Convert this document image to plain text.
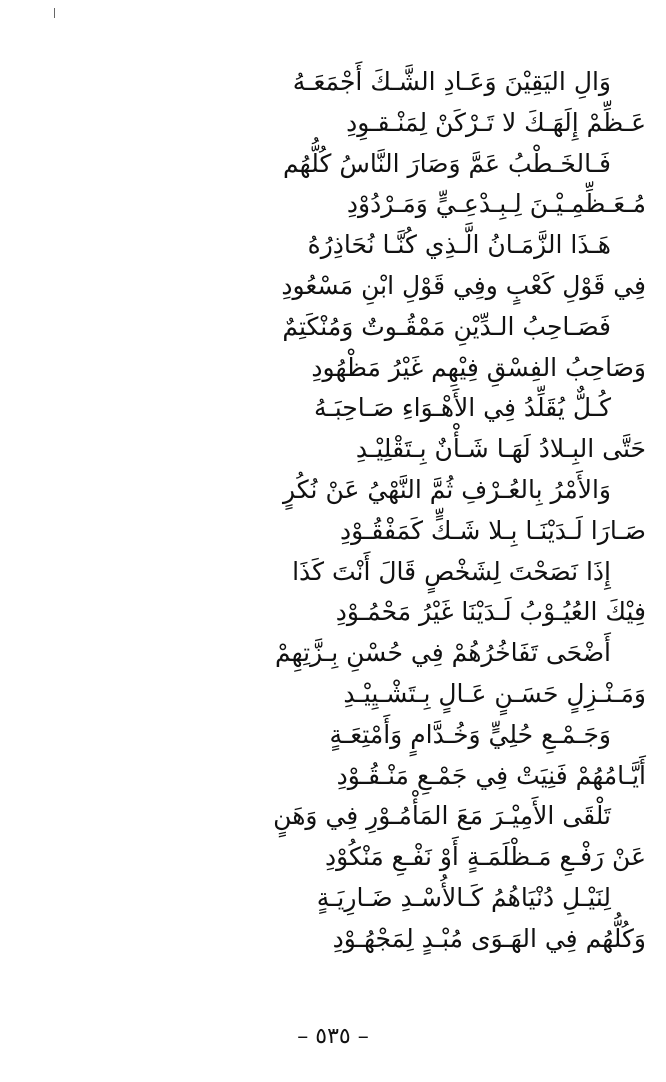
وَالِ اليَقِيْنَ وَعَـادِ الشَّـكَ أَجْمَعَـهُ
عَـظِّمْ إِلَهَـكَ لا تَـرْكَنْ لِمَنْـقـوِدِ
فَـالخَـطْبُ عَمَّ وَصَارَ النَّاسُ كُلُّهُم
مُـعَـظِّمِـيْـنَ لِـبِـدْعِـيٍّ وَمَـرْدُوْدِ
هَـذَا الزَّمَـانُ الَّـذِي كُنَّـا نُحَاذِرُهُ
فِي قَوْلِ كَعْبٍ وفِي قَوْلِ ابْنِ مَسْعُودِ
فَصَـاحِبُ الـدِّيْنِ مَمْقُـوتٌ وَمُنْكَتِمٌ
وَصَاحِبُ الفِسْقِ فِيْهِم غَيْرُ مَظْهُودِ
كُـلٌّ يُقَلِّدُ فِي الأَهْـوَاءِ صَـاحِبَـهُ
حَتَّى البِـلادُ لَهَـا شَـأْنٌ بِـتَقْلِيْـدِ
وَالأَمْرُ بِالعُـرْفِ ثُمَّ النَّهْيُ عَنْ نُكُرٍ
صَـارَا لَـدَيْنَـا بِـلا شَـكٍّ كَمَفْقُـوْدِ
إِذَا نَصَحْتَ لِشَخْصٍ قَالَ أَنْتَ كَذَا
فِيْكَ العُيُـوْبُ لَـدَيْنَا غَيْرُ مَحْمُـوْدِ
أَضْحَى تَفَاخُرُهُمْ فِي حُسْنِ بِـزَّتِهِمْ
وَمَـنْـزِلٍ حَسَـنٍ عَـالٍ بِـتَشْـيِيْـدِ
وَجَـمْـعِ حُلِيٍّ وَخُـدَّامٍ وَأَمْتِعَـةٍ
أَيَّـامُهُمْ فَنِيَتْ فِي جَمْـعِ مَنْـقُـوْدِ
تَلْقَى الأَمِيْـرَ مَعَ المَأْمُـوْرِ فِي وَهَنٍ
عَنْ رَفْـعِ مَـظْلَمَـةٍ أَوْ نَفْـعِ مَنْكُوْدِ
لِنَيْـلِ دُنْيَاهُمُ كَـالأُسْـدِ ضَـارِيَـةٍ
وَكُلُّهُم فِي الهَـوَى مُبْـدٍ لِمَجْهُـوْدِ
– ٥٣٥ –
